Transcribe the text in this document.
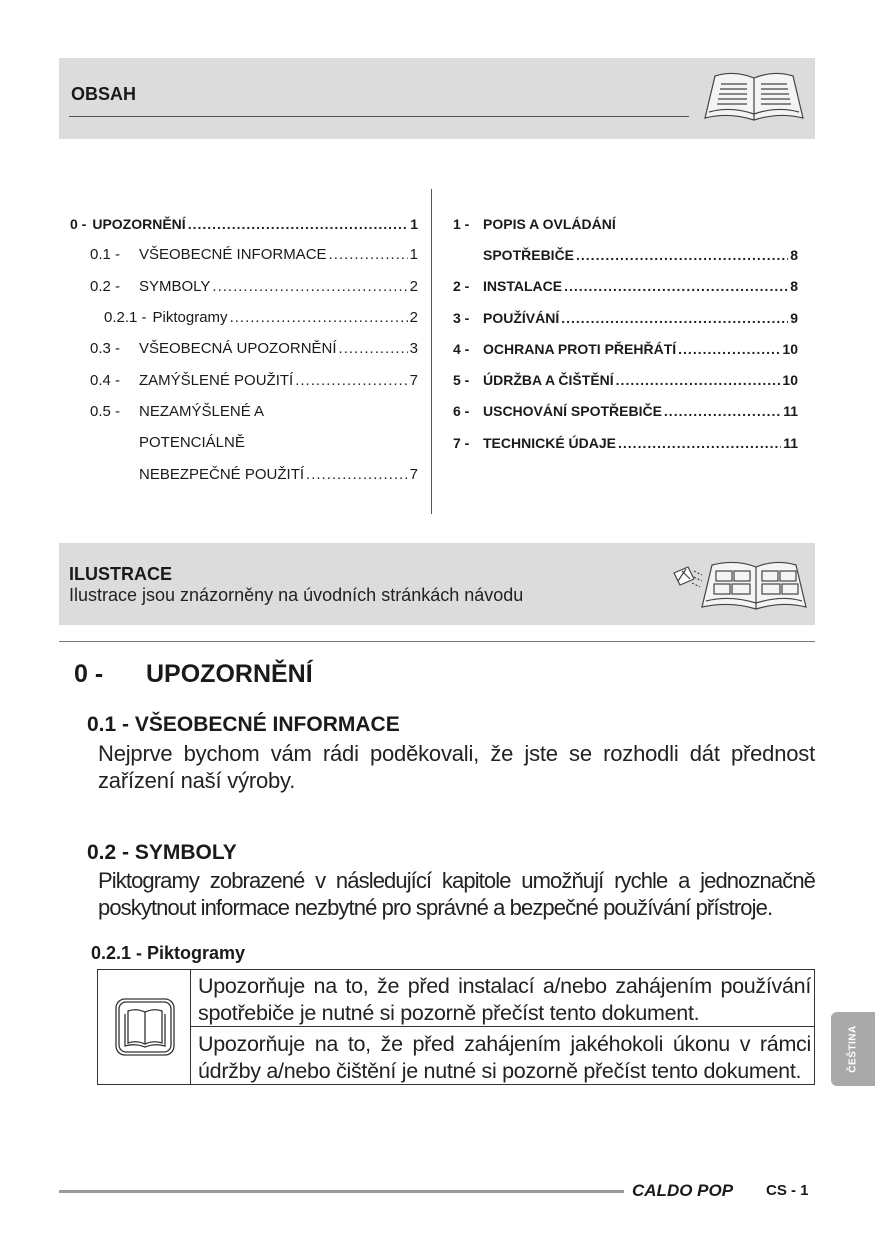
OBSAH
0 - UPOZORNĚNÍ .....	1
0.1 -	VŠEOBECNÉ INFORMACE .....	1
0.2 -	SYMBOLY .....	2
0.2.1 - Piktogramy .....	2
0.3 -	VŠEOBECNÁ UPOZORNĚNÍ .....	3
0.4 -	ZAMÝŠLENÉ POUŽITÍ .....	7
0.5 -	NEZAMÝŠLENÉ A
POTENCIÁLNĚ
NEBEZPEČNÉ POUŽITÍ .....	7
1 - POPIS A OVLÁDÁNÍ
SPOTŘEBIČE .....	8
2 - INSTALACE .....	8
3 - POUŽÍVÁNÍ .....	9
4 - OCHRANA PROTI PŘEHŘÁTÍ .....	10
5 - ÚDRŽBA A ČIŠTĚNÍ .....	10
6 - USCHOVÁNÍ SPOTŘEBIČE .....	11
7 - TECHNICKÉ ÚDAJE .....	11
ILUSTRACE
Ilustrace jsou znázorněny na úvodních stránkách návodu
0 - UPOZORNĚNÍ
0.1 - VŠEOBECNÉ INFORMACE
Nejprve bychom vám rádi poděkovali, že jste se rozhodli dát přednost zařízení naší výroby.
0.2 - SYMBOLY
Piktogramy zobrazené v následující kapitole umožňují rychle a jednoznačně poskytnout informace nezbytné pro správné a bezpečné používání přístroje.
0.2.1 - Piktogramy
Upozorňuje na to, že před instalací a/nebo zahájením používání spotřebiče je nutné si pozorně přečíst tento dokument.
Upozorňuje na to, že před zahájením jakéhokoli úkonu v rámci údržby a/nebo čištění je nutné si pozorně přečíst tento dokument.	ČEŠTINA
CALDO POP CS - 1
